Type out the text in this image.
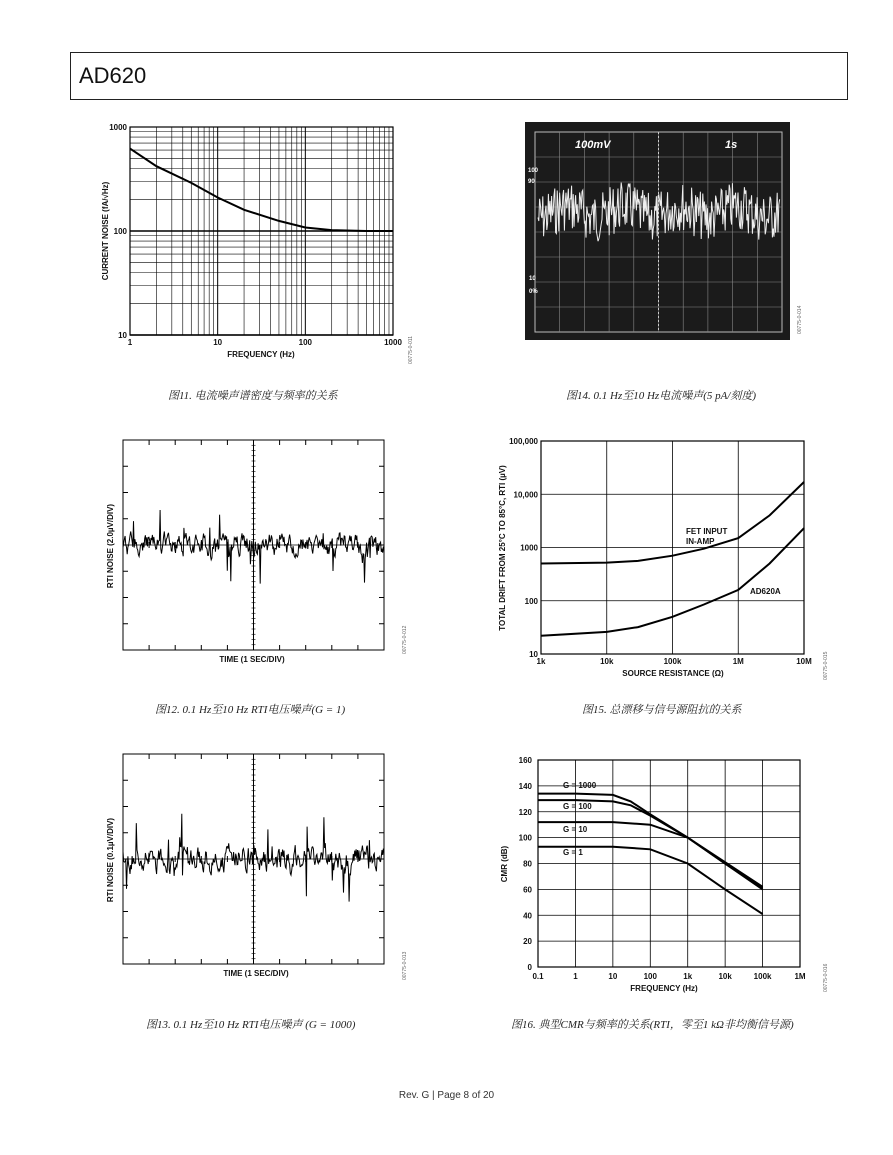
AD620
1	10	100	1000
1000
100
10
FREQUENCY (Hz)
CURRENT NOISE (fA/√Hz)
00775-0-011
图11. 电流噪声谱密度与频率的关系
100mV	1s
100
90
10
0%
00775-0-014
图14. 0.1 Hz至10 Hz电流噪声(5 pA/刻度)
TIME (1 SEC/DIV)
RTI NOISE (2.0µV/DIV)
00775-0-012
图12. 0.1 Hz至10 Hz RTI电压噪声(G = 1)
1k	10k	100k	1M	10M
100,000
10,000
1000
100
10
FET INPUT
IN-AMP
AD620A
SOURCE RESISTANCE (Ω)
TOTAL DRIFT FROM 25°C TO 85°C, RTI (µV)
00775-0-015
图15. 总漂移与信号源阻抗的关系
TIME (1 SEC/DIV)
RTI NOISE (0.1µV/DIV)
00775-0-013
图13. 0.1 Hz至10 Hz RTI电压噪声 (G = 1000)
0.1	1	10	100	1k	10k	100k	1M
160
140
120
100
80
60
40
20
0
G = 1000
G = 100
G = 10
G = 1
FREQUENCY (Hz)
CMR (dB)
00775-0-016
图16. 典型CMR与频率的关系(RTI，零至1 kΩ非均衡信号源)
Rev. G | Page 8 of 20
